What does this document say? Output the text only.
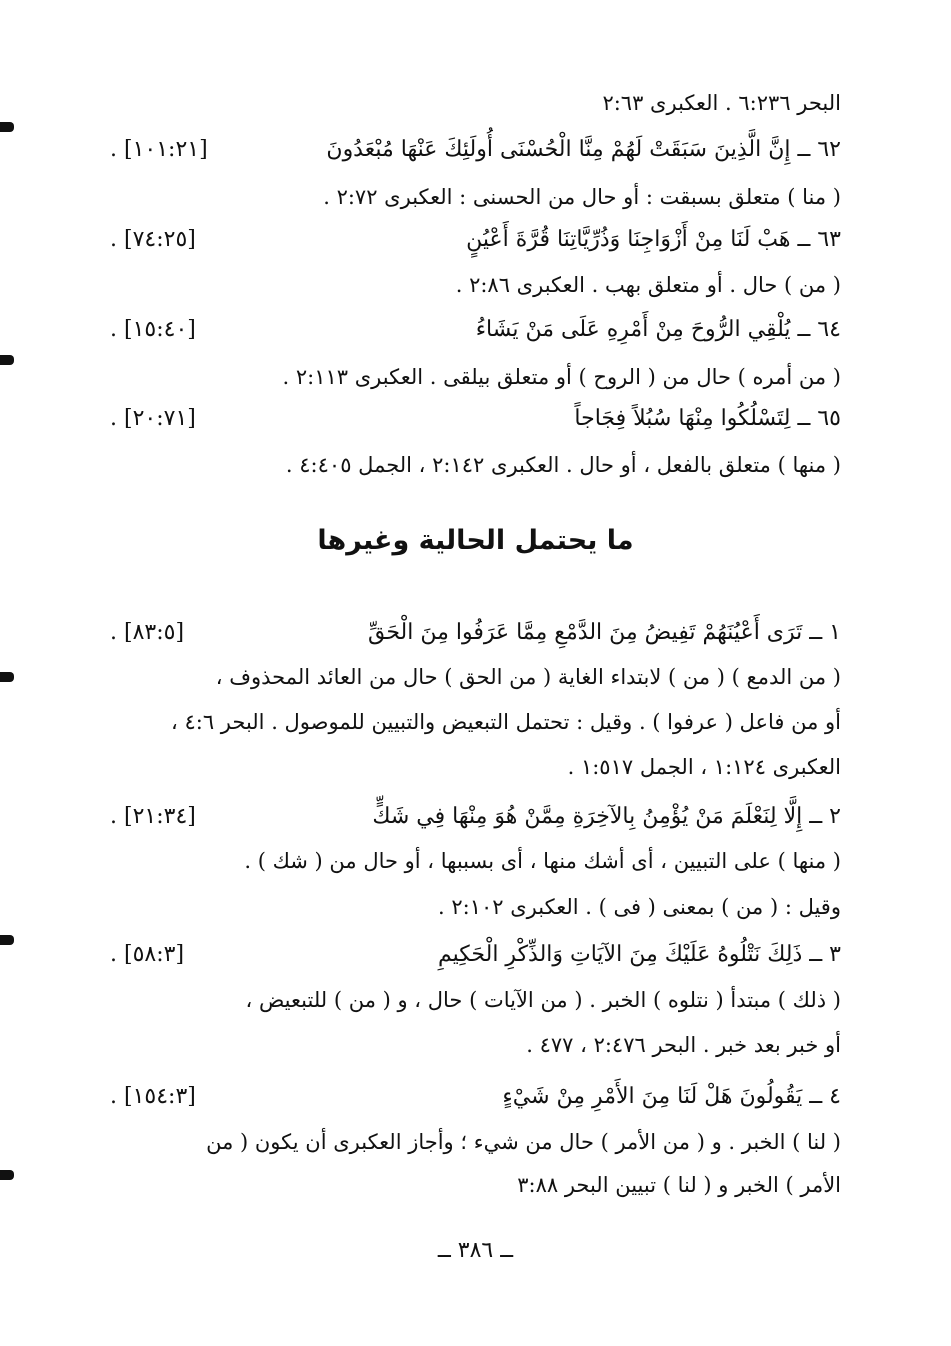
البحر ٦:٢٣٦ . العكبرى ٢:٦٣
٦٢ ــ إِنَّ الَّذِينَ سَبَقَتْ لَهُمْ مِنَّا الْحُسْنَى أُولَئِكَ عَنْهَا مُبْعَدُونَ
. [١٠١:٢١]
( منا ) متعلق بسبقت : أو حال من الحسنى : العكبرى ٢:٧٢ .
٦٣ ــ هَبْ لَنَا مِنْ أَزْوَاجِنَا وَذُرِّيَّاتِنَا قُرَّةَ أَعْيُنٍ
. [٧٤:٢٥]
( من ) حال . أو متعلق بهب . العكبرى ٢:٨٦ .
٦٤ ــ يُلْقِي الرُّوحَ مِنْ أَمْرِهِ عَلَى مَنْ يَشَاءُ
. [١٥:٤٠]
( من أمره ) حال من ( الروح ) أو متعلق بيلقى . العكبرى ٢:١١٣ .
٦٥ ــ لِتَسْلُكُوا مِنْهَا سُبُلاً فِجَاجاً
. [٢٠:٧١]
( منها ) متعلق بالفعل ، أو حال . العكبرى ٢:١٤٢ ، الجمل ٤:٤٠٥ .
ما يحتمل الحالية وغيرها
١ ــ تَرَى أَعْيُنَهُمْ تَفِيضُ مِنَ الدَّمْعِ مِمَّا عَرَفُوا مِنَ الْحَقِّ
. [٨٣:٥]
( من الدمع ) ( من ) لابتداء الغاية ( من الحق ) حال من العائد المحذوف ،
أو من فاعل ( عرفوا ) . وقيل : تحتمل التبعيض والتبيين للموصول . البحر ٤:٦ ،
العكبرى ١:١٢٤ ، الجمل ١:٥١٧ .
٢ ــ إِلَّا لِنَعْلَمَ مَنْ يُؤْمِنُ بِالآخِرَةِ مِمَّنْ هُوَ مِنْهَا فِي شَكٍّ
. [٢١:٣٤]
( منها ) على التبيين ، أى أشك منها ، أى بسببها ، أو حال من ( شك ) .
وقيل : ( من ) بمعنى ( فى ) . العكبرى ٢:١٠٢ .
٣ ــ ذَلِكَ نَتْلُوهُ عَلَيْكَ مِنَ الآيَاتِ وَالذِّكْرِ الْحَكِيمِ
. [٥٨:٣]
( ذلك ) مبتدأ ( نتلوه ) الخبر . ( من الآيات ) حال ، و ( من ) للتبعيض ،
أو خبر بعد خبر . البحر ٢:٤٧٦ ، ٤٧٧ .
٤ ــ يَقُولُونَ هَلْ لَنَا مِنَ الأَمْرِ مِنْ شَيْءٍ
. [١٥٤:٣]
( لنا ) الخبر . و ( من الأمر ) حال من شيء ؛ وأجاز العكبرى أن يكون ( من
الأمر ) الخبر و ( لنا ) تبيين البحر ٣:٨٨
ــ ٣٨٦ ــ
